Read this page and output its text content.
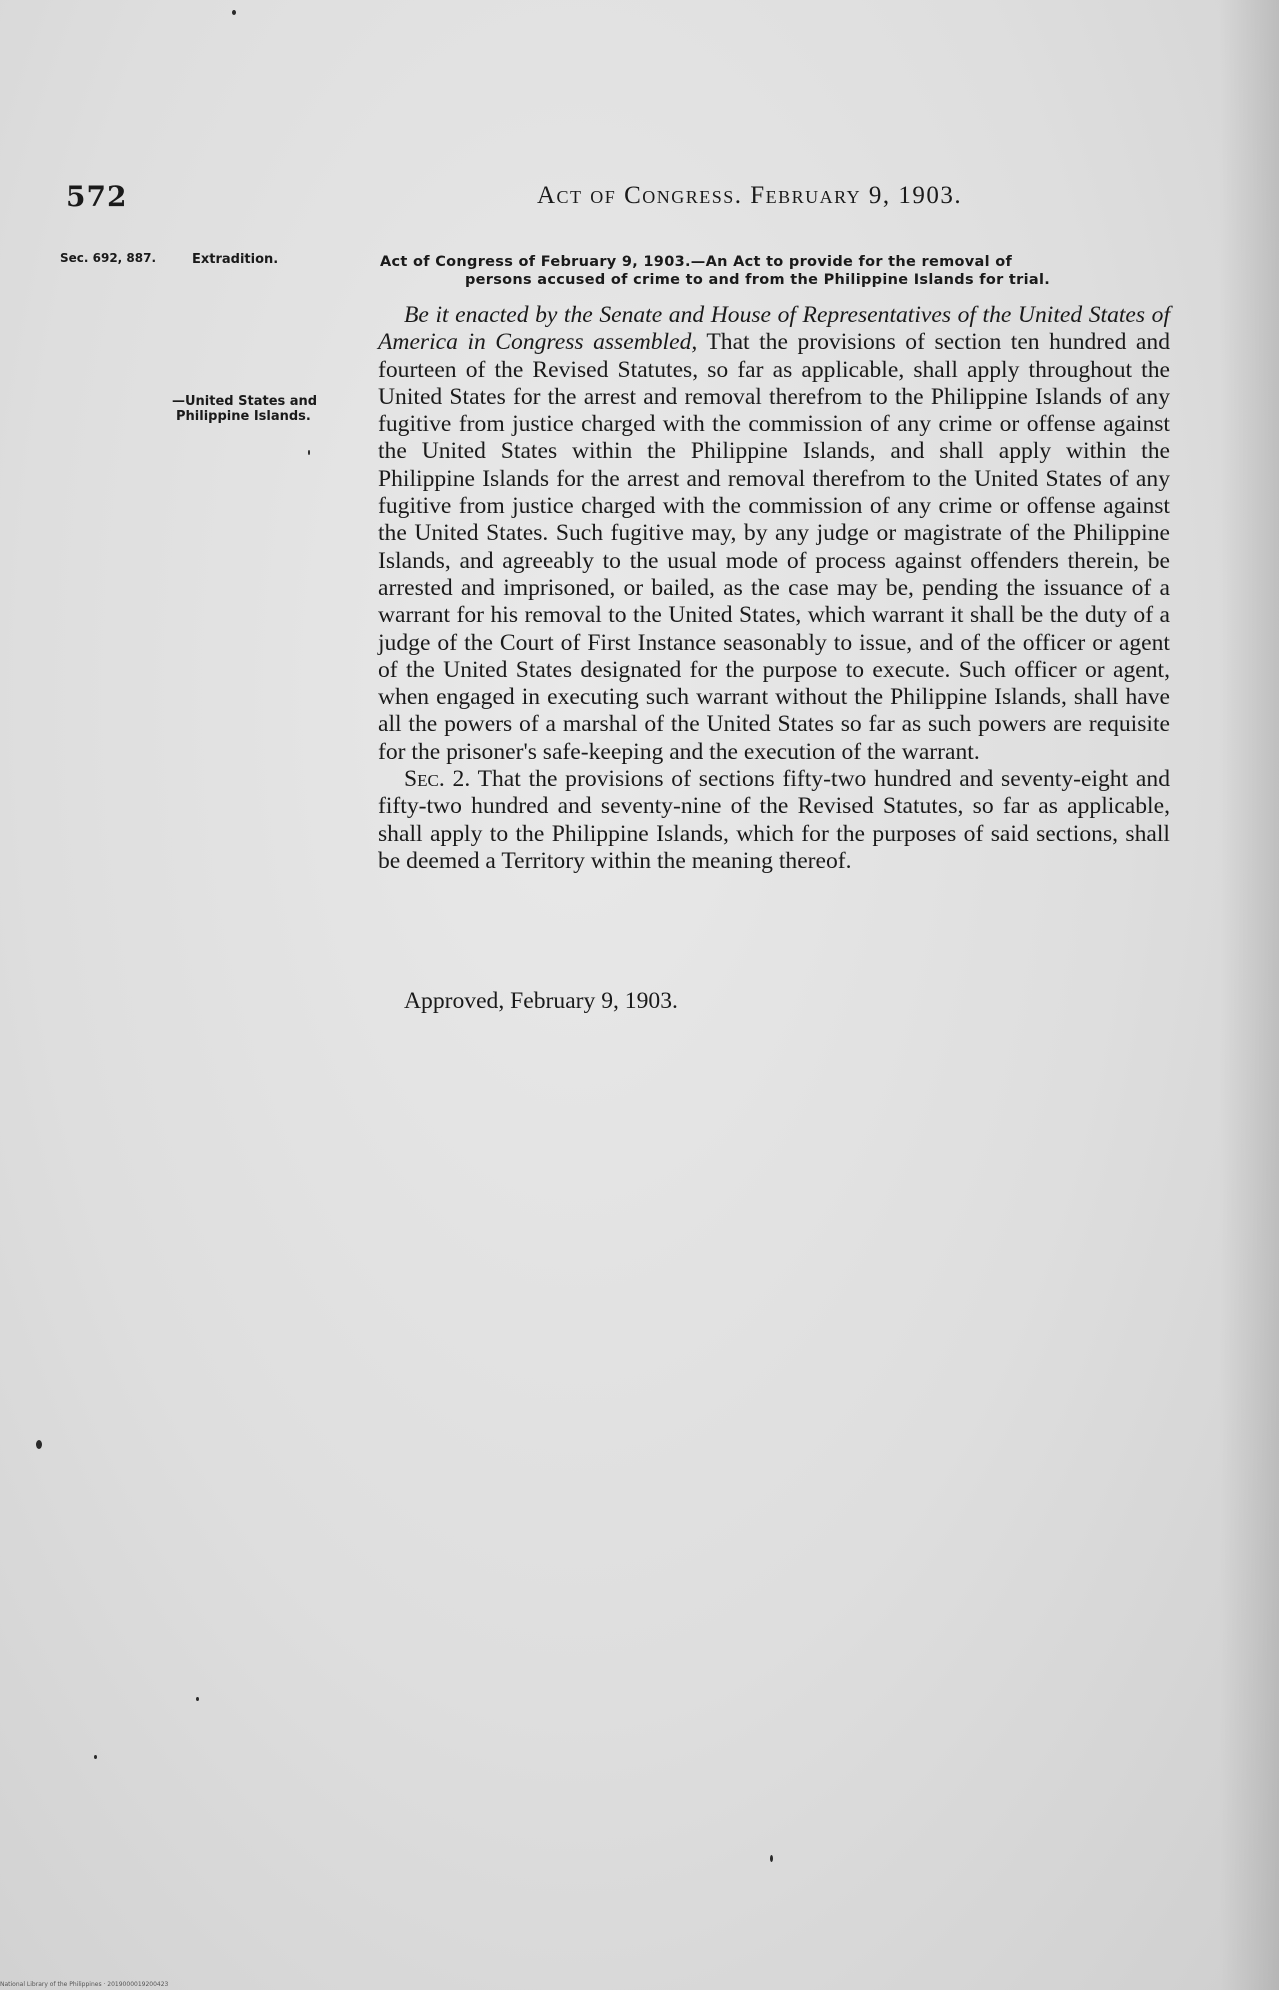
572	Act of Congress. February 9, 1903.
Sec. 692, 887.	Extradition.
—United States and
Philippine Islands.
Act of Congress of February 9, 1903.—An Act to provide for the removal of
persons accused of crime to and from the Philippine Islands for trial.

Be it enacted by the Senate and House of Representatives of the United States of America in Congress assembled, That the provisions of section ten hundred and fourteen of the Revised Statutes, so far as applicable, shall apply throughout the United States for the arrest and removal therefrom to the Philippine Islands of any fugitive from justice charged with the commission of any crime or offense against the United States within the Philippine Islands, and shall apply within the Philippine Islands for the arrest and removal therefrom to the United States of any fugitive from justice charged with the commission of any crime or offense against the United States. Such fugitive may, by any judge or magistrate of the Philippine Islands, and agreeably to the usual mode of process against offenders therein, be arrested and imprisoned, or bailed, as the case may be, pending the issuance of a warrant for his removal to the United States, which warrant it shall be the duty of a judge of the Court of First Instance seasonably to issue, and of the officer or agent of the United States designated for the purpose to execute. Such officer or agent, when engaged in executing such warrant without the Philippine Islands, shall have all the powers of a marshal of the United States so far as such powers are requisite for the prisoner's safe-keeping and the execution of the warrant.

Sec. 2. That the provisions of sections fifty-two hundred and seventy-eight and fifty-two hundred and seventy-nine of the Revised Statutes, so far as applicable, shall apply to the Philippine Islands, which for the purposes of said sections, shall be deemed a Territory within the meaning thereof.

Approved, February 9, 1903.
National Library of the Philippines · 2019000019200423
